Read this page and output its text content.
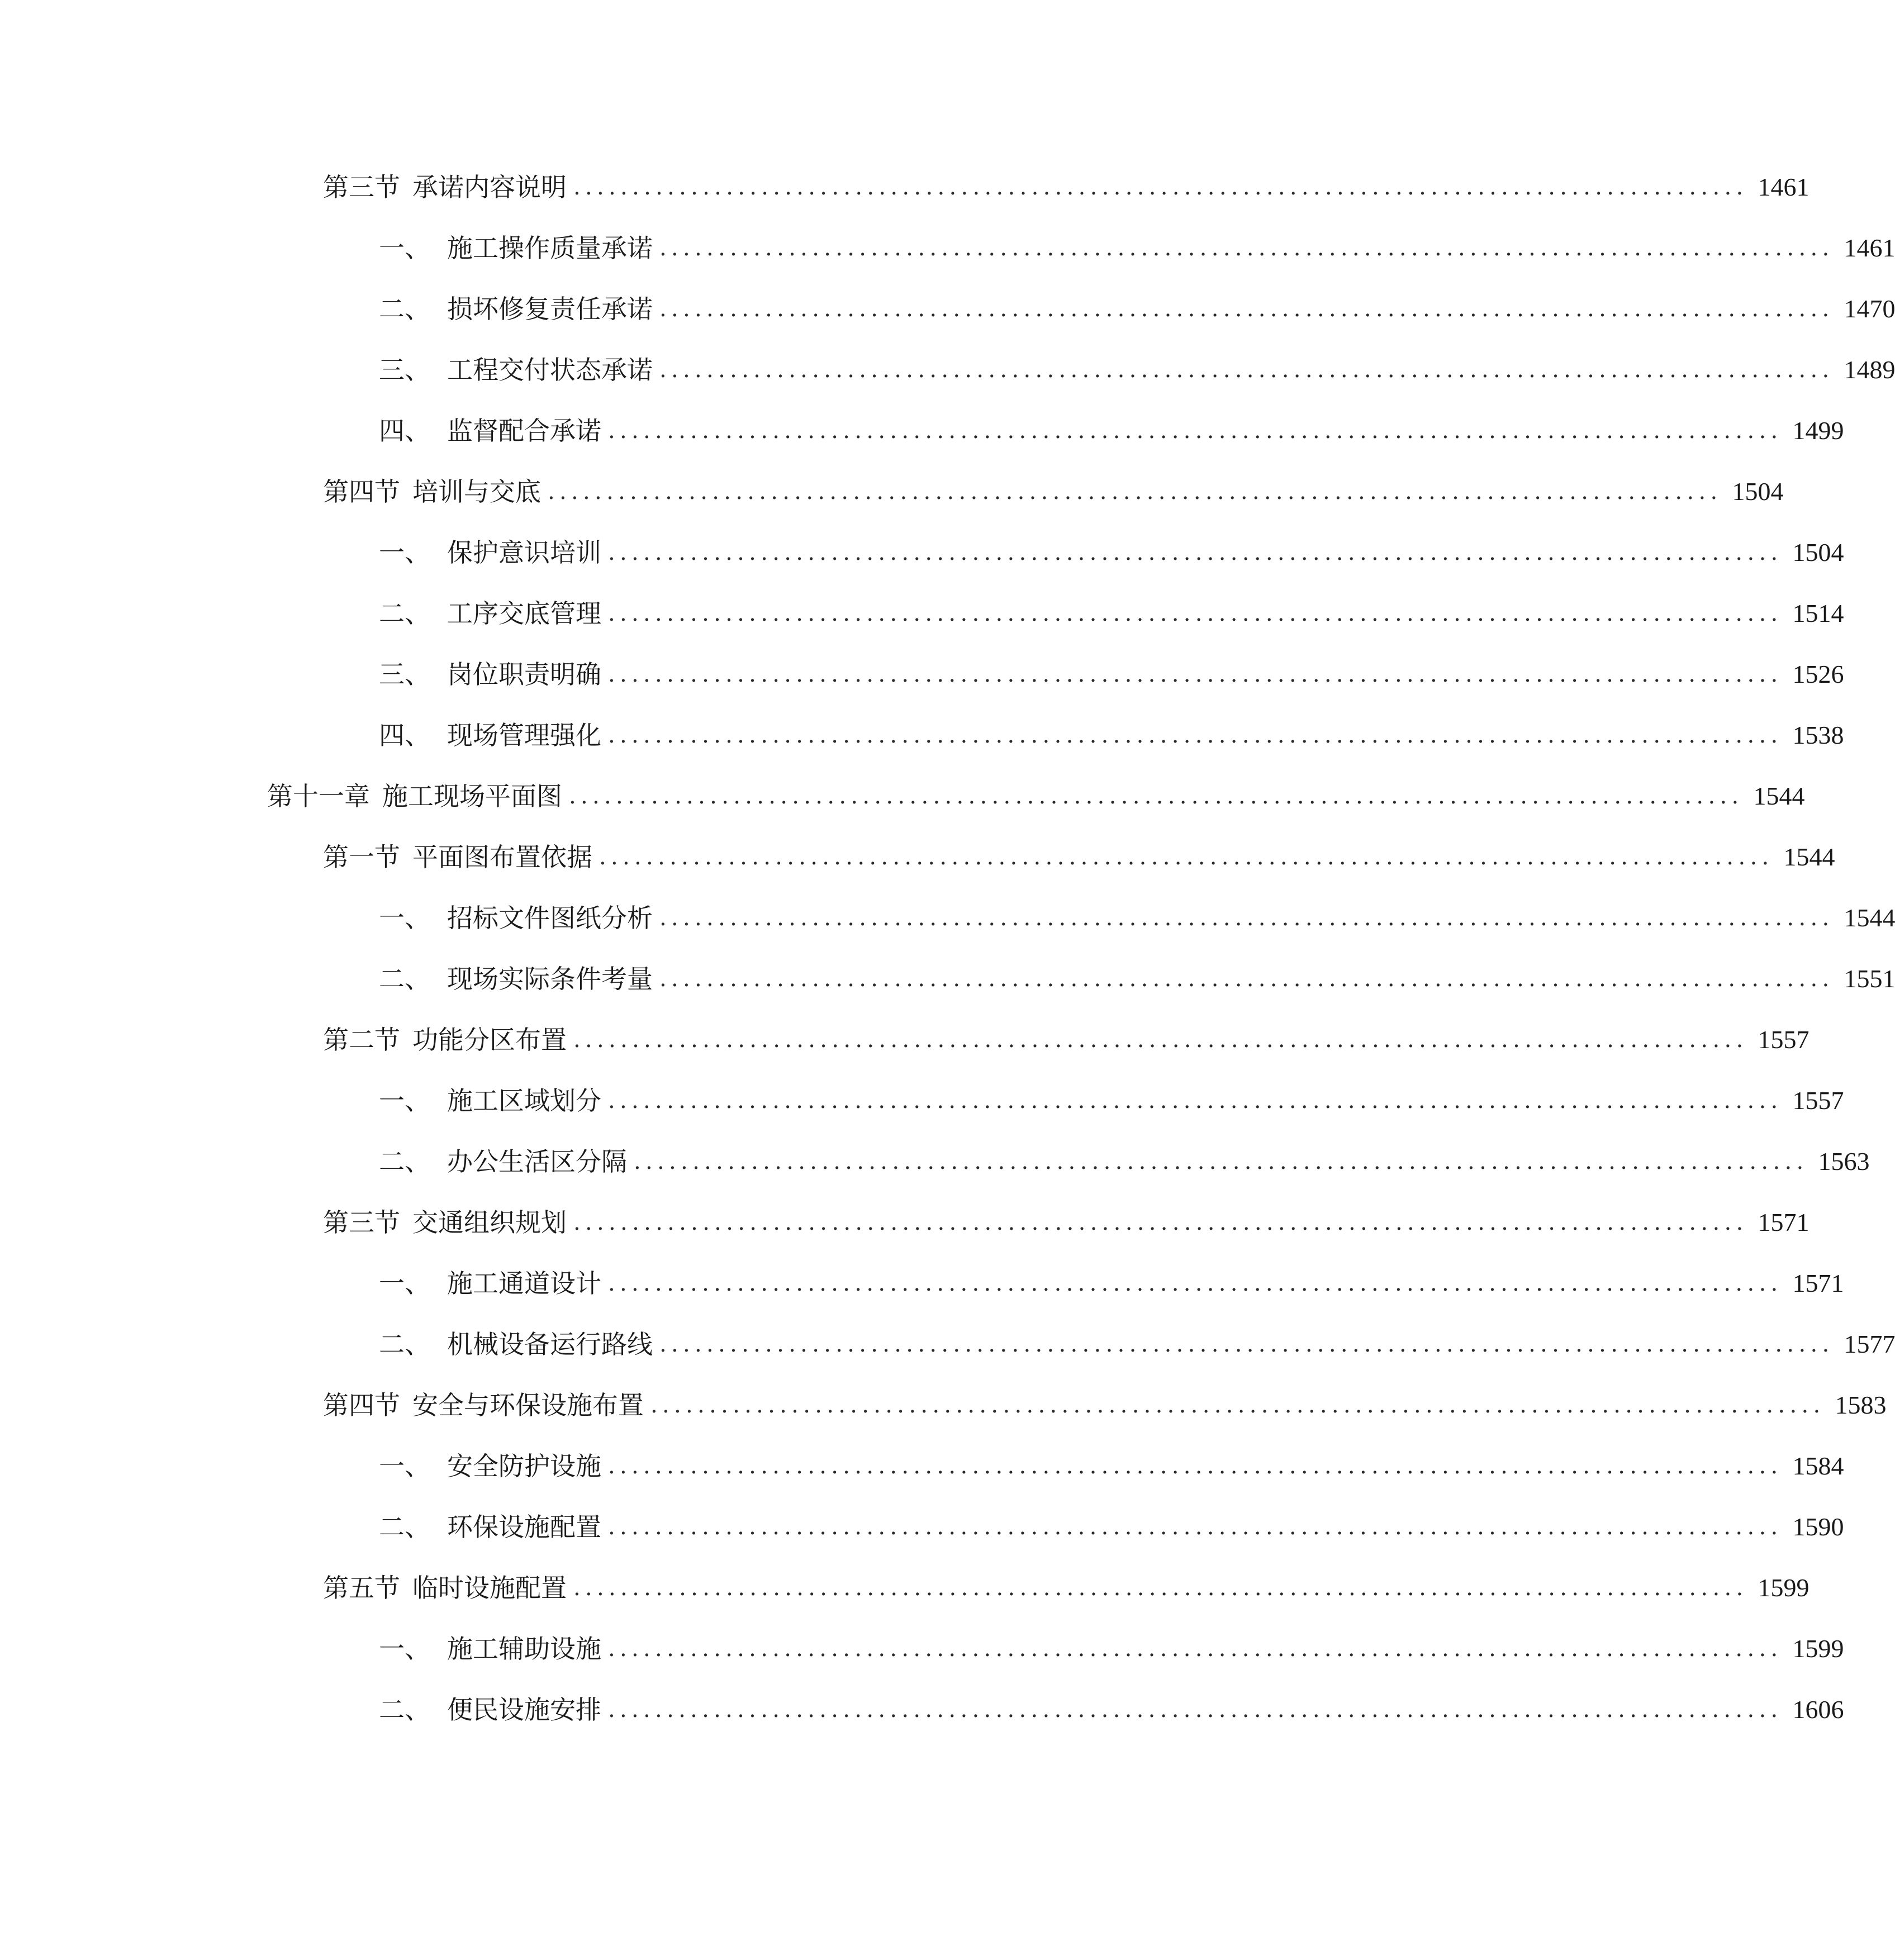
第三节 承诺内容说明 .................................................................................................... 1461
一、 施工操作质量承诺 .................................................................................................... 1461
二、 损坏修复责任承诺 .................................................................................................... 1470
三、 工程交付状态承诺 .................................................................................................... 1489
四、 监督配合承诺 .................................................................................................... 1499
第四节 培训与交底 .................................................................................................... 1504
一、 保护意识培训 .................................................................................................... 1504
二、 工序交底管理 .................................................................................................... 1514
三、 岗位职责明确 .................................................................................................... 1526
四、 现场管理强化 .................................................................................................... 1538
第十一章 施工现场平面图 .................................................................................................... 1544
第一节 平面图布置依据 .................................................................................................... 1544
一、 招标文件图纸分析 .................................................................................................... 1544
二、 现场实际条件考量 .................................................................................................... 1551
第二节 功能分区布置 .................................................................................................... 1557
一、 施工区域划分 .................................................................................................... 1557
二、 办公生活区分隔 .................................................................................................... 1563
第三节 交通组织规划 .................................................................................................... 1571
一、 施工通道设计 .................................................................................................... 1571
二、 机械设备运行路线 .................................................................................................... 1577
第四节 安全与环保设施布置 .................................................................................................... 1583
一、 安全防护设施 .................................................................................................... 1584
二、 环保设施配置 .................................................................................................... 1590
第五节 临时设施配置 .................................................................................................... 1599
一、 施工辅助设施 .................................................................................................... 1599
二、 便民设施安排 .................................................................................................... 1606
